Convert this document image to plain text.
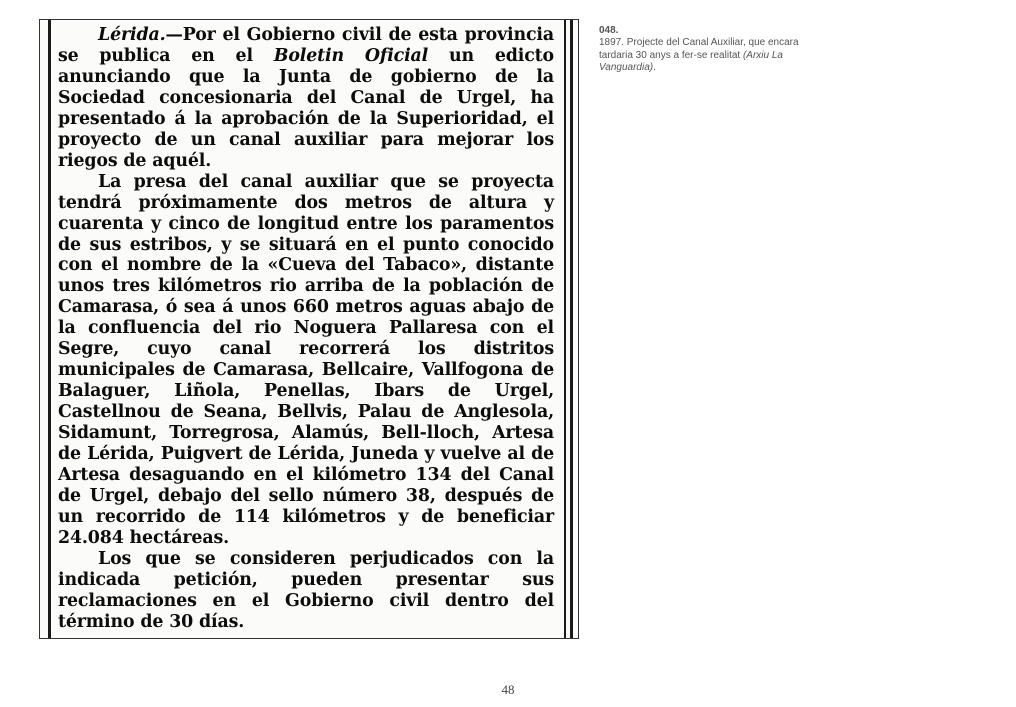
Lérida.—Por el Gobierno civil de esta provincia se publica en el Boletin Oficial un edicto anunciando que la Junta de gobierno de la Sociedad concesionaria del Canal de Urgel, ha presentado á la aprobación de la Superioridad, el proyecto de un canal auxiliar para mejorar los riegos de aquél.

La presa del canal auxiliar que se proyecta tendrá próximamente dos metros de altura y cuarenta y cinco de longitud entre los paramentos de sus estribos, y se situará en el punto conocido con el nombre de la «Cueva del Tabaco», distante unos tres kilómetros rio arriba de la población de Camarasa, ó sea á unos 660 metros aguas abajo de la confluencia del rio Noguera Pallaresa con el Segre, cuyo canal recorrerá los distritos municipales de Camarasa, Bellcaire, Vallfogona de Balaguer, Liñola, Penellas, Ibars de Urgel, Castellnou de Seana, Bellvis, Palau de Anglesola, Sidamunt, Torregrosa, Alamús, Bell-lloch, Artesa de Lérida, Puigvert de Lérida, Juneda y vuelve al de Artesa desaguando en el kilómetro 134 del Canal de Urgel, debajo del sello número 38, después de un recorrido de 114 kilómetros y de beneficiar 24.084 hectáreas.

Los que se consideren perjudicados con la indicada petición, pueden presentar sus reclamaciones en el Gobierno civil dentro del término de 30 días.

048.
1897. Projecte del Canal Auxiliar, que encara tardaria 30 anys a fer-se realitat (Arxiu La Vanguardia).
48
